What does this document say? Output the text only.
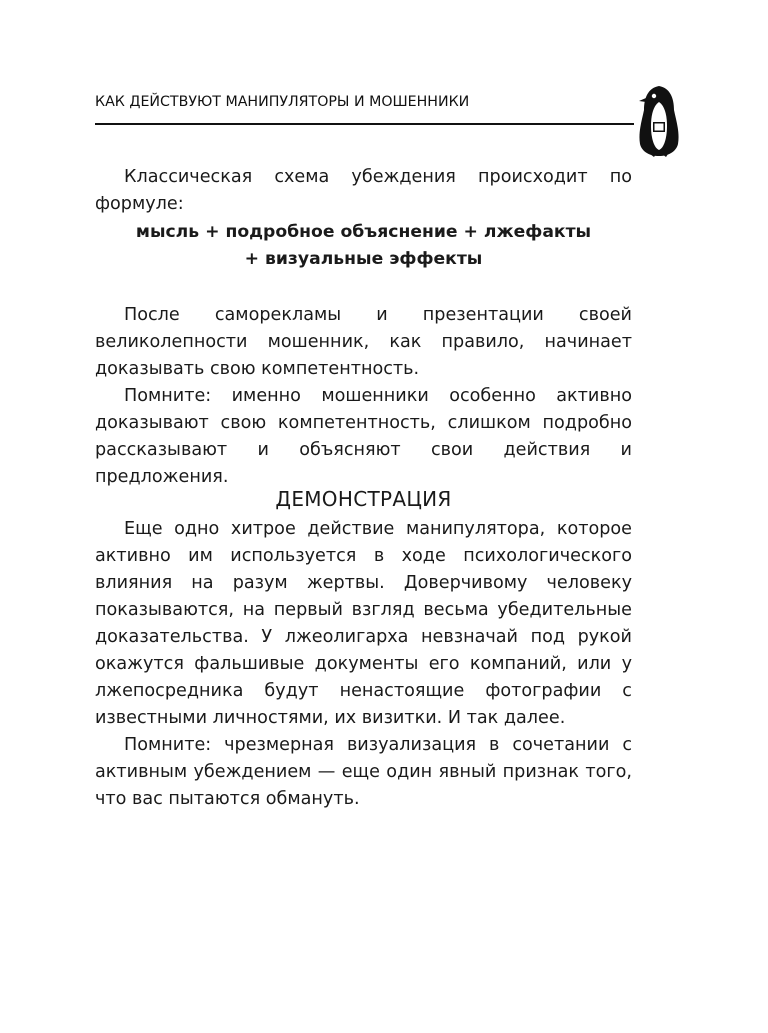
КАК ДЕЙСТВУЮТ МАНИПУЛЯТОРЫ И МОШЕННИКИ

Классическая схема убеждения происходит по формуле:

мысль + подробное объяснение + лжефакты
+ визуальные эффекты

После саморекламы и презентации своей великолепности мошенник, как правило, начинает доказывать свою компетентность.

Помните: именно мошенники особенно активно доказывают свою компетентность, слишком подробно рассказывают и объясняют свои действия и предложения.

ДЕМОНСТРАЦИЯ

Еще одно хитрое действие манипулятора, которое активно им используется в ходе психологического влияния на разум жертвы. Доверчивому человеку показываются, на первый взгляд весьма убедительные доказательства. У лжеолигарха невзначай под рукой окажутся фальшивые документы его компаний, или у лжепосредника будут ненастоящие фотографии с известными личностями, их визитки. И так далее.

Помните: чрезмерная визуализация в сочетании с активным убеждением — еще один явный признак того, что вас пытаются обмануть.
